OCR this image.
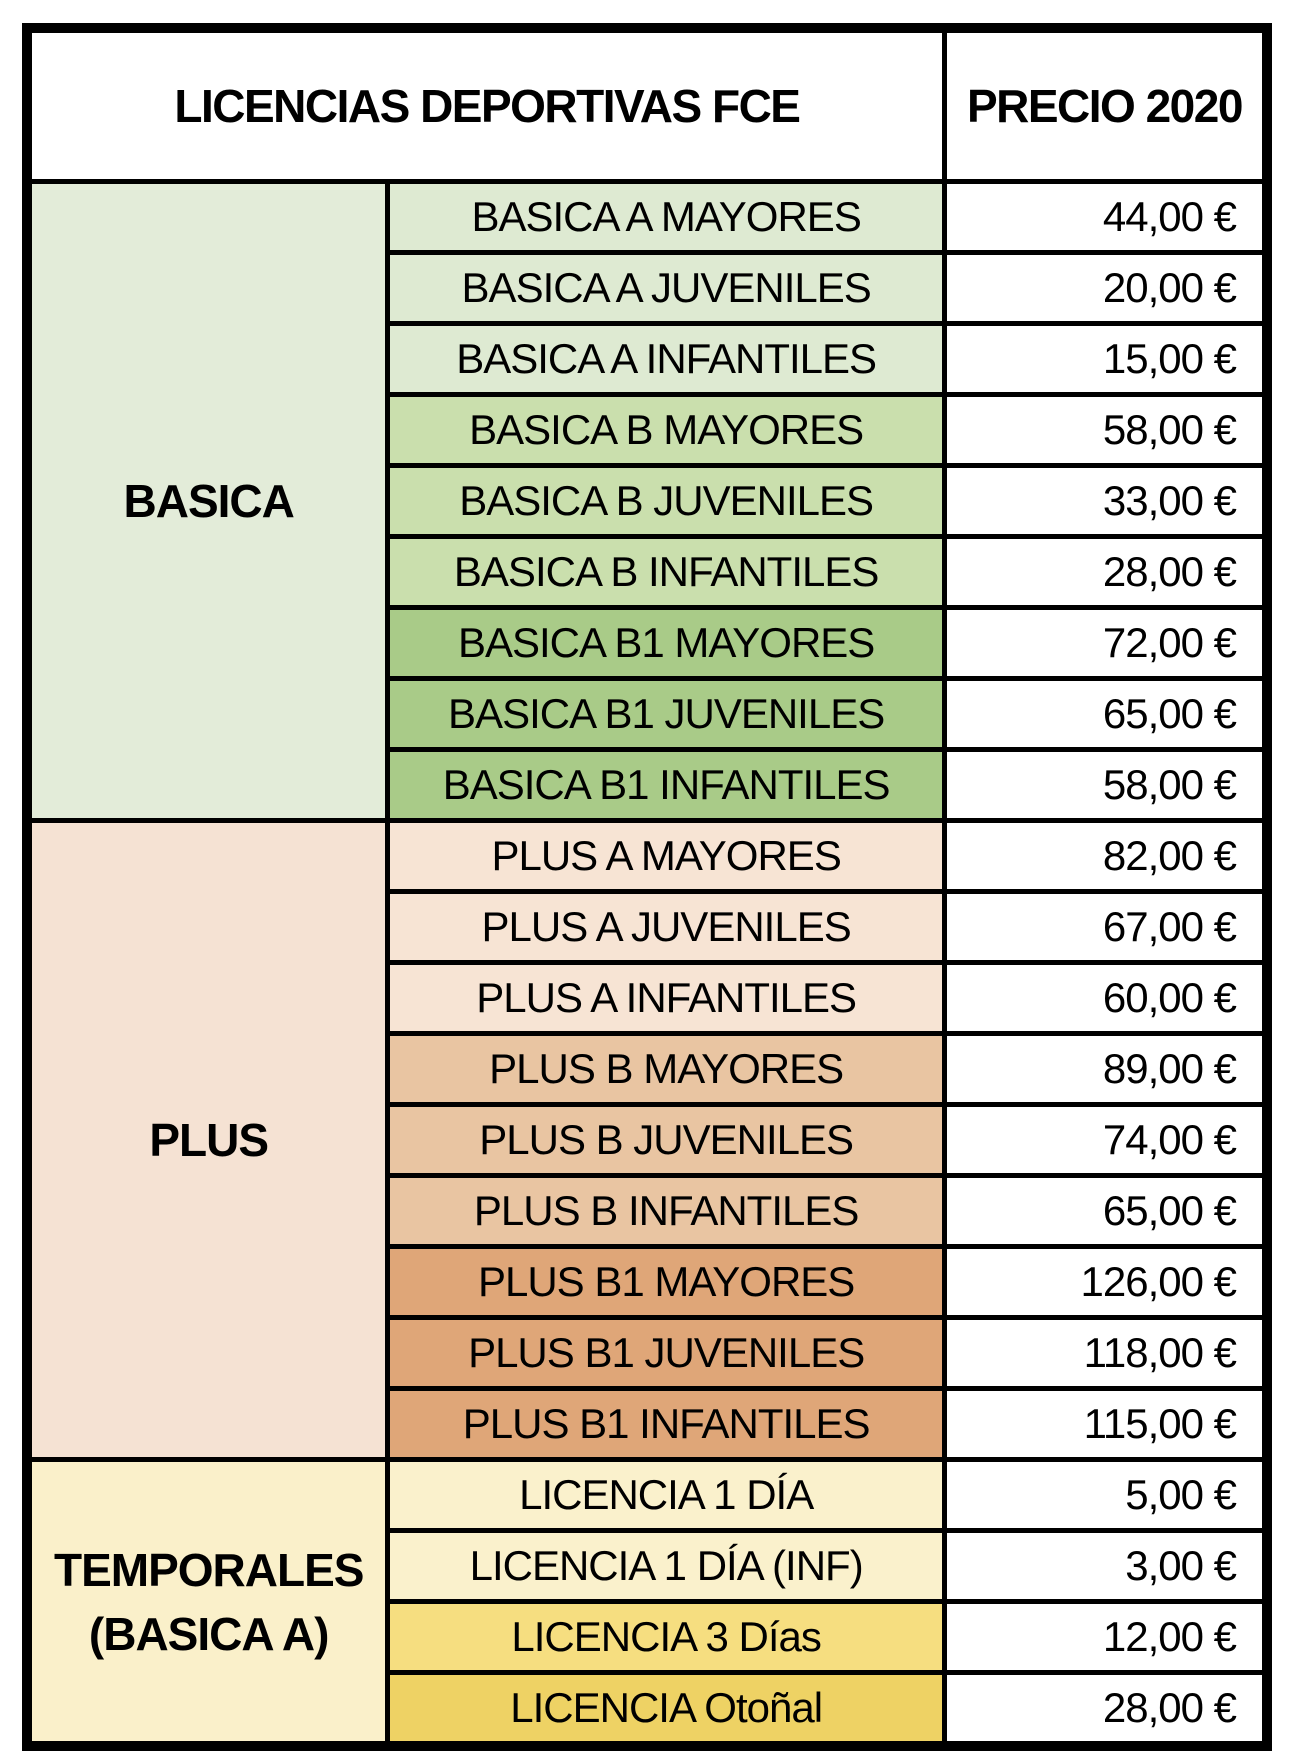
LICENCIAS DEPORTIVAS FCE		PRECIO 2020
BASICA	BASICA A MAYORES	44,00 €
	BASICA A JUVENILES	20,00 €
	BASICA A INFANTILES	15,00 €
	BASICA B MAYORES	58,00 €
	BASICA B JUVENILES	33,00 €
	BASICA B INFANTILES	28,00 €
	BASICA B1 MAYORES	72,00 €
	BASICA B1 JUVENILES	65,00 €
	BASICA B1 INFANTILES	58,00 €
PLUS	PLUS A MAYORES	82,00 €
	PLUS A JUVENILES	67,00 €
	PLUS A INFANTILES	60,00 €
	PLUS B MAYORES	89,00 €
	PLUS B JUVENILES	74,00 €
	PLUS B INFANTILES	65,00 €
	PLUS B1 MAYORES	126,00 €
	PLUS B1 JUVENILES	118,00 €
	PLUS B1 INFANTILES	115,00 €
TEMPORALES
(BASICA A)	LICENCIA 1 DÍA	5,00 €
	LICENCIA 1 DÍA (INF)	3,00 €
	LICENCIA 3 Días	12,00 €
	LICENCIA Otoñal	28,00 €
